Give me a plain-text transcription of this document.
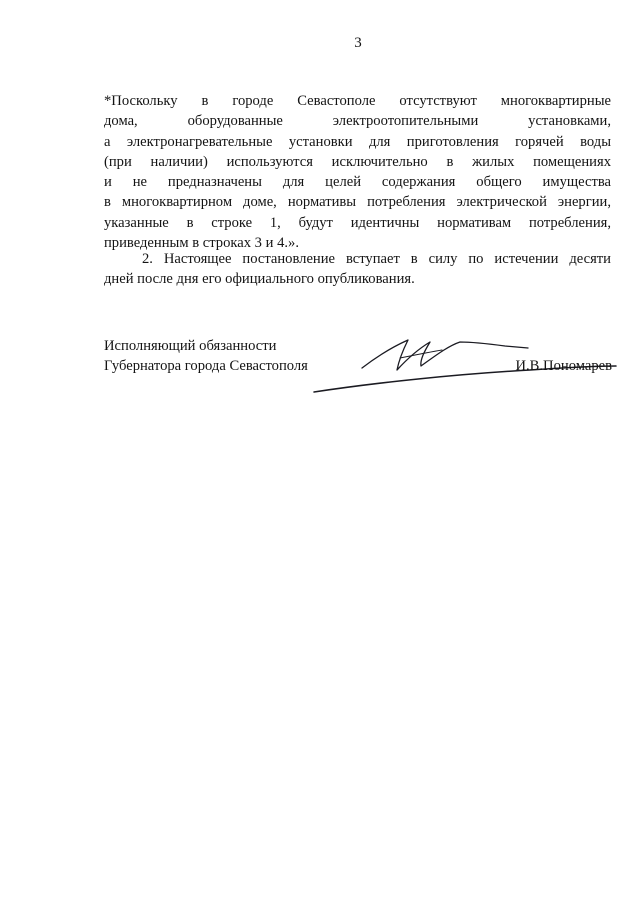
3
*Поскольку в городе Севастополе отсутствуют многоквартирные
дома, оборудованные электроотопительными установками,
а электронагревательные установки для приготовления горячей воды
(при наличии) используются исключительно в жилых помещениях
и не предназначены для целей содержания общего имущества
в многоквартирном доме, нормативы потребления электрической энергии,
указанные в строке 1, будут идентичны нормативам потребления,
приведенным в строках 3 и 4.».
2. Настоящее постановление вступает в силу по истечении десяти
дней после дня его официального опубликования.
Исполняющий обязанности
Губернатора города Севастополя	И.В.Пономарев
